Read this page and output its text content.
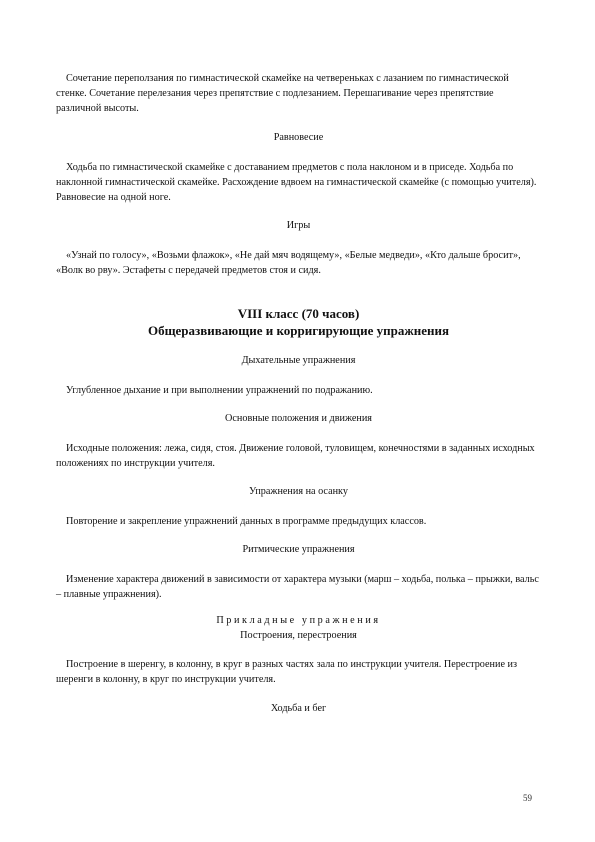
Сочетание переползания по гимнастической скамейке на четвереньках с лазанием по гимнастической стенке. Сочетание перелезания через препятствие с подлезанием. Перешагивание через препятствие различной высоты.

Равновесие

Ходьба по гимнастической скамейке с доставанием предметов с пола наклоном и в приседе. Ходьба по наклонной гимнастической скамейке. Расхождение вдвоем на гимнастической скамейке (с помощью учителя). Равновесие на одной ноге.

Игры

«Узнай по голосу», «Возьми флажок», «Не дай мяч водящему», «Белые медведи», «Кто дальше бросит», «Волк во рву». Эстафеты с передачей предметов стоя и сидя.

VIII класс (70 часов)
Общеразвивающие и корригирующие упражнения
Дыхательные упражнения

Углубленное дыхание и при выполнении упражнений по подражанию.

Основные положения и движения

Исходные положения: лежа, сидя, стоя. Движение головой, туловищем, конечностями в заданных исходных положениях по инструкции учителя.

Упражнения на осанку

Повторение и закрепление упражнений данных в программе предыдущих классов.

Ритмические упражнения

Изменение характера движений в зависимости от характера музыки (марш – ходьба, полька – прыжки, вальс – плавные упражнения).

Прикладные упражнения
Построения, перестроения

Построение в шеренгу, в колонну, в круг в разных частях зала по инструкции учителя. Перестроение из шеренги в колонну, в круг по инструкции учителя.

Ходьба и бег
59
